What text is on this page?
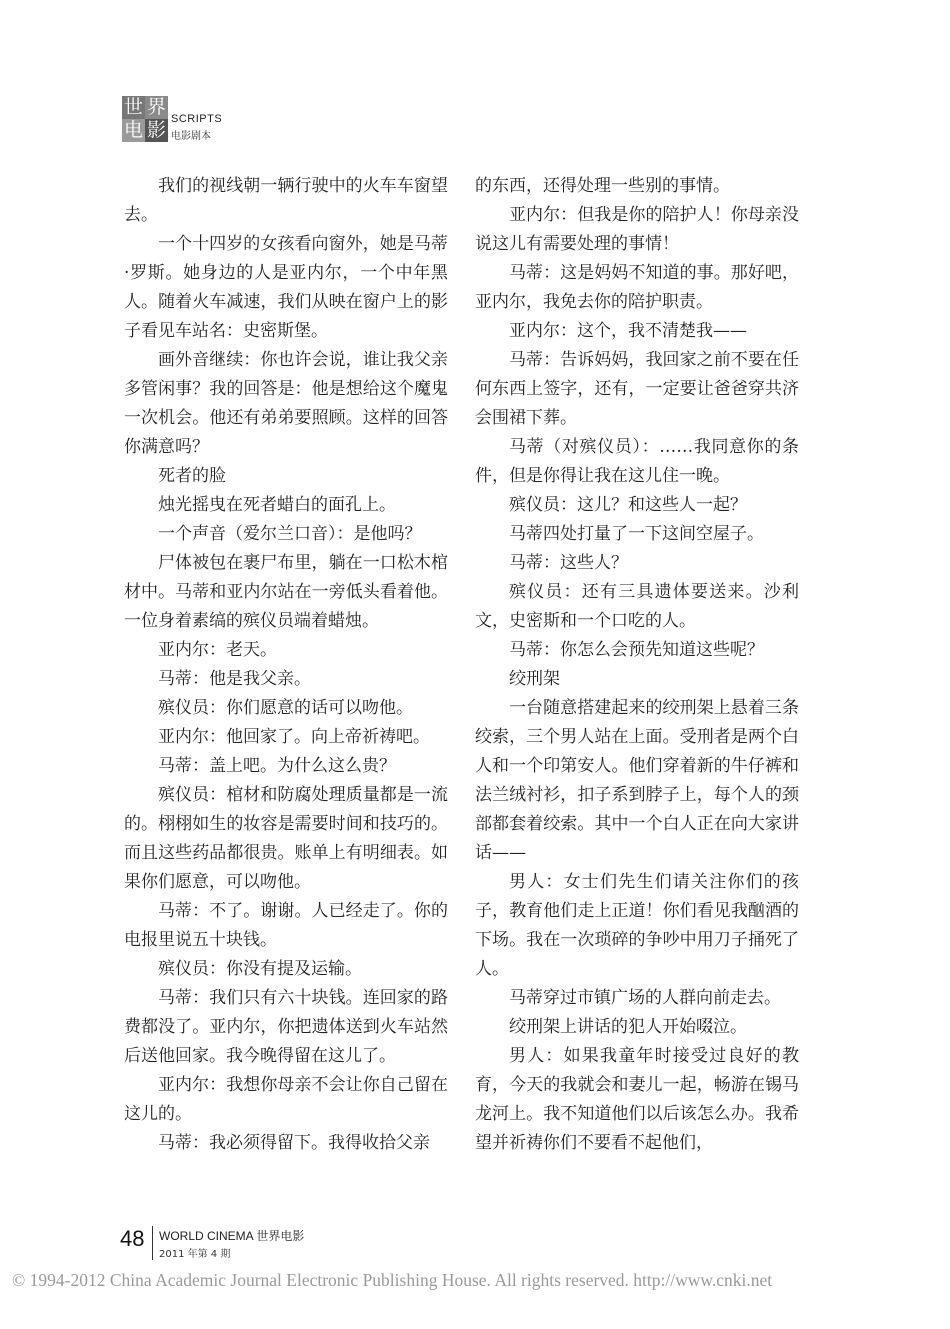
世 界
电 影 SCRIPTS
电影剧本

我们的视线朝一辆行驶中的火车车窗望去。

一个十四岁的女孩看向窗外，她是马蒂·罗斯。她身边的人是亚内尔，一个中年黑人。随着火车减速，我们从映在窗户上的影子看见车站名：史密斯堡。

画外音继续：你也许会说，谁让我父亲多管闲事？我的回答是：他是想给这个魔鬼一次机会。他还有弟弟要照顾。这样的回答你满意吗？

死者的脸

烛光摇曳在死者蜡白的面孔上。

一个声音（爱尔兰口音）：是他吗？

尸体被包在裹尸布里，躺在一口松木棺材中。马蒂和亚内尔站在一旁低头看着他。一位身着素缟的殡仪员端着蜡烛。

亚内尔：老天。

马蒂：他是我父亲。

殡仪员：你们愿意的话可以吻他。

亚内尔：他回家了。向上帝祈祷吧。

马蒂：盖上吧。为什么这么贵？

殡仪员：棺材和防腐处理质量都是一流的。栩栩如生的妆容是需要时间和技巧的。而且这些药品都很贵。账单上有明细表。如果你们愿意，可以吻他。

马蒂：不了。谢谢。人已经走了。你的电报里说五十块钱。

殡仪员：你没有提及运输。

马蒂：我们只有六十块钱。连回家的路费都没了。亚内尔，你把遗体送到火车站然后送他回家。我今晚得留在这儿了。

亚内尔：我想你母亲不会让你自己留在这儿的。

马蒂：我必须得留下。我得收拾父亲

的东西，还得处理一些别的事情。

亚内尔：但我是你的陪护人！你母亲没说这儿有需要处理的事情！

马蒂：这是妈妈不知道的事。那好吧，亚内尔，我免去你的陪护职责。

亚内尔：这个，我不清楚我——

马蒂：告诉妈妈，我回家之前不要在任何东西上签字，还有，一定要让爸爸穿共济会围裙下葬。

马蒂（对殡仪员）：……我同意你的条件，但是你得让我在这儿住一晚。

殡仪员：这儿？和这些人一起？

马蒂四处打量了一下这间空屋子。

马蒂：这些人？

殡仪员：还有三具遗体要送来。沙利文，史密斯和一个口吃的人。

马蒂：你怎么会预先知道这些呢？

绞刑架

一台随意搭建起来的绞刑架上悬着三条绞索，三个男人站在上面。受刑者是两个白人和一个印第安人。他们穿着新的牛仔裤和法兰绒衬衫，扣子系到脖子上，每个人的颈部都套着绞索。其中一个白人正在向大家讲话——

男人：女士们先生们请关注你们的孩子，教育他们走上正道！你们看见我酗酒的下场。我在一次琐碎的争吵中用刀子捅死了人。

马蒂穿过市镇广场的人群向前走去。

绞刑架上讲话的犯人开始啜泣。

男人：如果我童年时接受过良好的教育，今天的我就会和妻儿一起，畅游在锡马龙河上。我不知道他们以后该怎么办。我希望并祈祷你们不要看不起他们，

48 WORLD CINEMA 世界电影
2011 年第 4 期
© 1994-2012 China Academic Journal Electronic Publishing House. All rights reserved. http://www.cnki.net
